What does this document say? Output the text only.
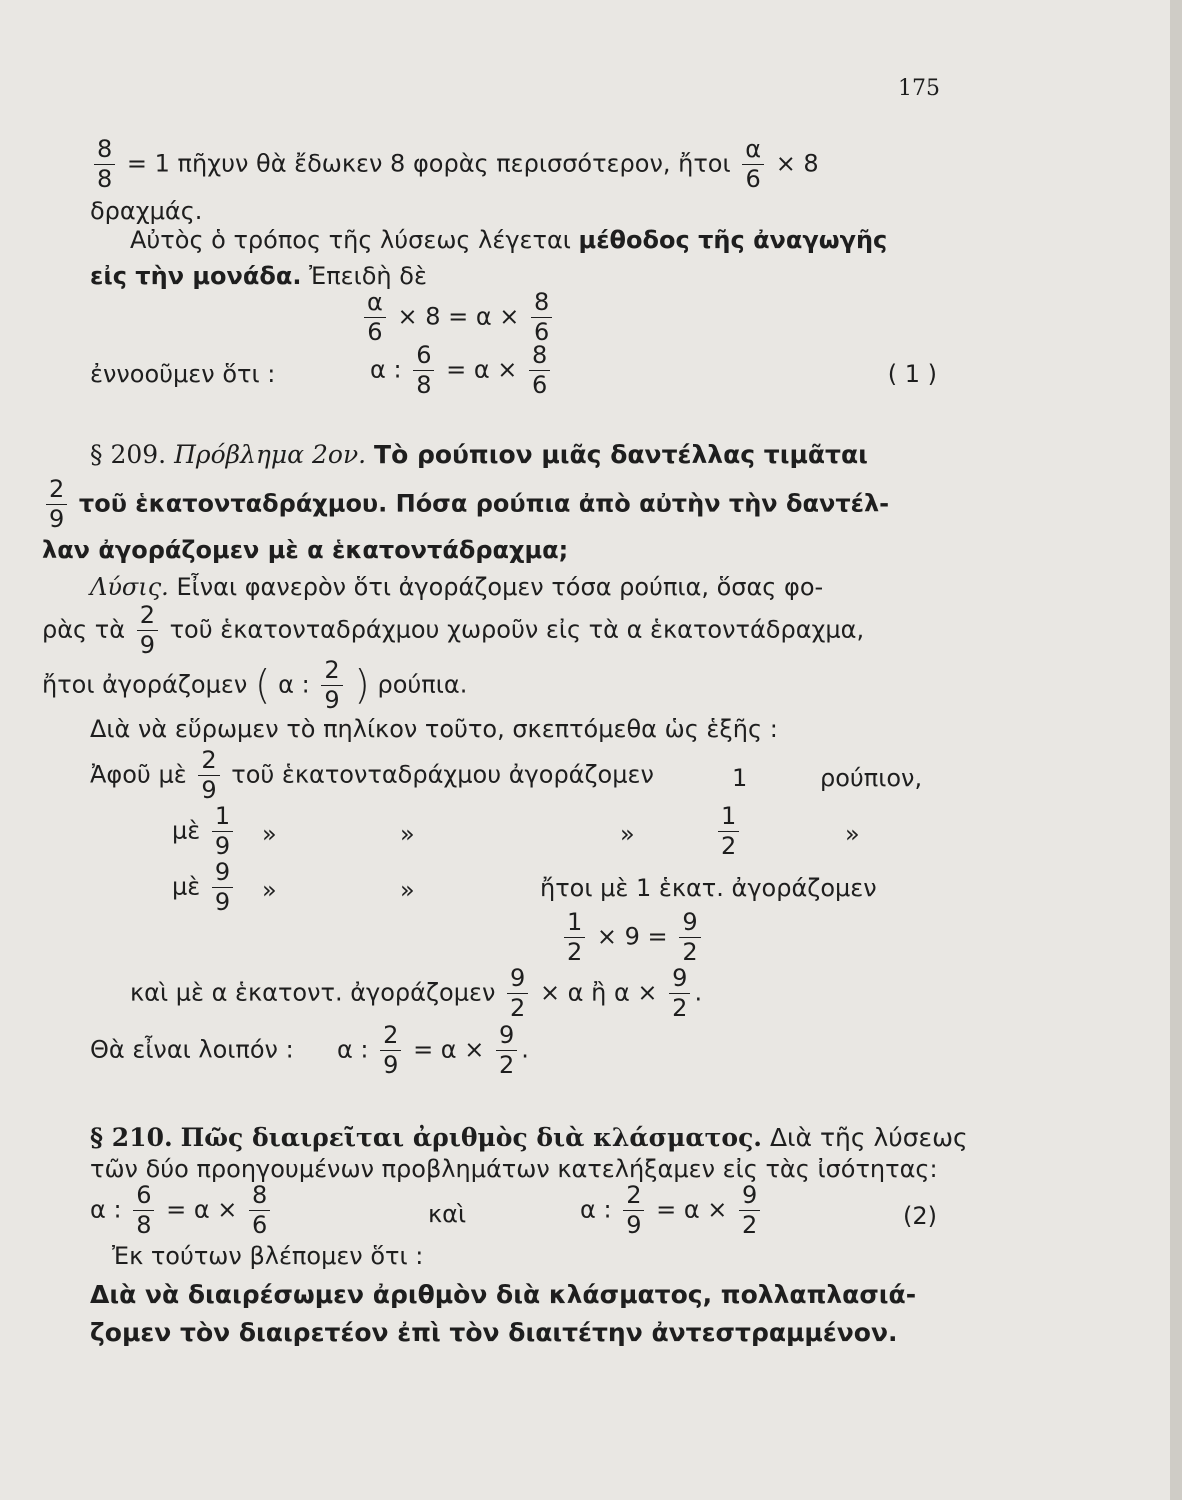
175
$\frac{8}{8} = 1$ πῆχυν θὰ ἔδωκεν 8 φορὰς περισσότερον, ἤτοι $\frac{\alpha}{6} \times 8$
δραχμάς.
Αὐτὸς ὁ τρόπος τῆς λύσεως λέγεται μέθοδος τῆς ἀναγωγῆς
εἰς τὴν μονάδα. Ἐπειδὴ δὲ
$\frac{\alpha}{6} \times 8 = \alpha \times \frac{8}{6}$
ἐννοοῦμεν ὅτι :	α : $\frac{6}{8} = \alpha \times \frac{8}{6}$	( 1 )
§ 209. Πρόβλημα 2ον. Τὸ ρούπιον μιᾶς δαντέλλας τιμᾶται
$\frac{2}{9}$ τοῦ ἑκατονταδράχμου. Πόσα ρούπια ἀπὸ αὐτὴν τὴν δαντέλ-
λαν ἀγοράζομεν μὲ α ἑκατοντάδραχμα;
Λύσις. Εἶναι φανερὸν ὅτι ἀγοράζομεν τόσα ρούπια, ὅσας φο-
ρὰς τὰ $\frac{2}{9}$ τοῦ ἑκατονταδράχμου χωροῦν εἰς τὰ α ἑκατοντάδραχμα,
ἤτοι ἀγοράζομεν ( α : $\frac{2}{9}$ ) ρούπια.
Διὰ νὰ εὕρωμεν τὸ πηλίκον τοῦτο, σκεπτόμεθα ὡς ἑξῆς :
Ἀφοῦ μὲ $\frac{2}{9}$ τοῦ ἑκατονταδράχμου ἀγοράζομεν	1	ρούπιον,
μὲ $\frac{1}{9}$ »	»	»	$\frac{1}{2}$	»
μὲ $\frac{9}{9}$ »	»	ἤτοι μὲ 1 ἑκατ. ἀγοράζομεν
$\frac{1}{2} \times 9 = \frac{9}{2}$
καὶ μὲ α ἑκατοντ. ἀγοράζομεν $\frac{9}{2} \times \alpha$ ἢ $\alpha \times \frac{9}{2}$ .
Θὰ εἶναι λοιπόν : α : $\frac{2}{9} = \alpha \times \frac{9}{2}$ .
§ 210. Πῶς διαιρεῖται ἀριθμὸς διὰ κλάσματος. Διὰ τῆς λύσεως
τῶν δύο προηγουμένων προβλημάτων κατελήξαμεν εἰς τὰς ἰσότητας:
α : $\frac{6}{8} = \alpha \times \frac{8}{6}$	καὶ	α : $\frac{2}{9} = \alpha \times \frac{9}{2}$	(2)
Ἐκ τούτων βλέπομεν ὅτι :
Διὰ νὰ διαιρέσωμεν ἀριθμὸν διὰ κλάσματος, πολλαπλασιά-
ζομεν τὸν διαιρετέον ἐπὶ τὸν διαιτέτην ἀντεστραμμένον.
